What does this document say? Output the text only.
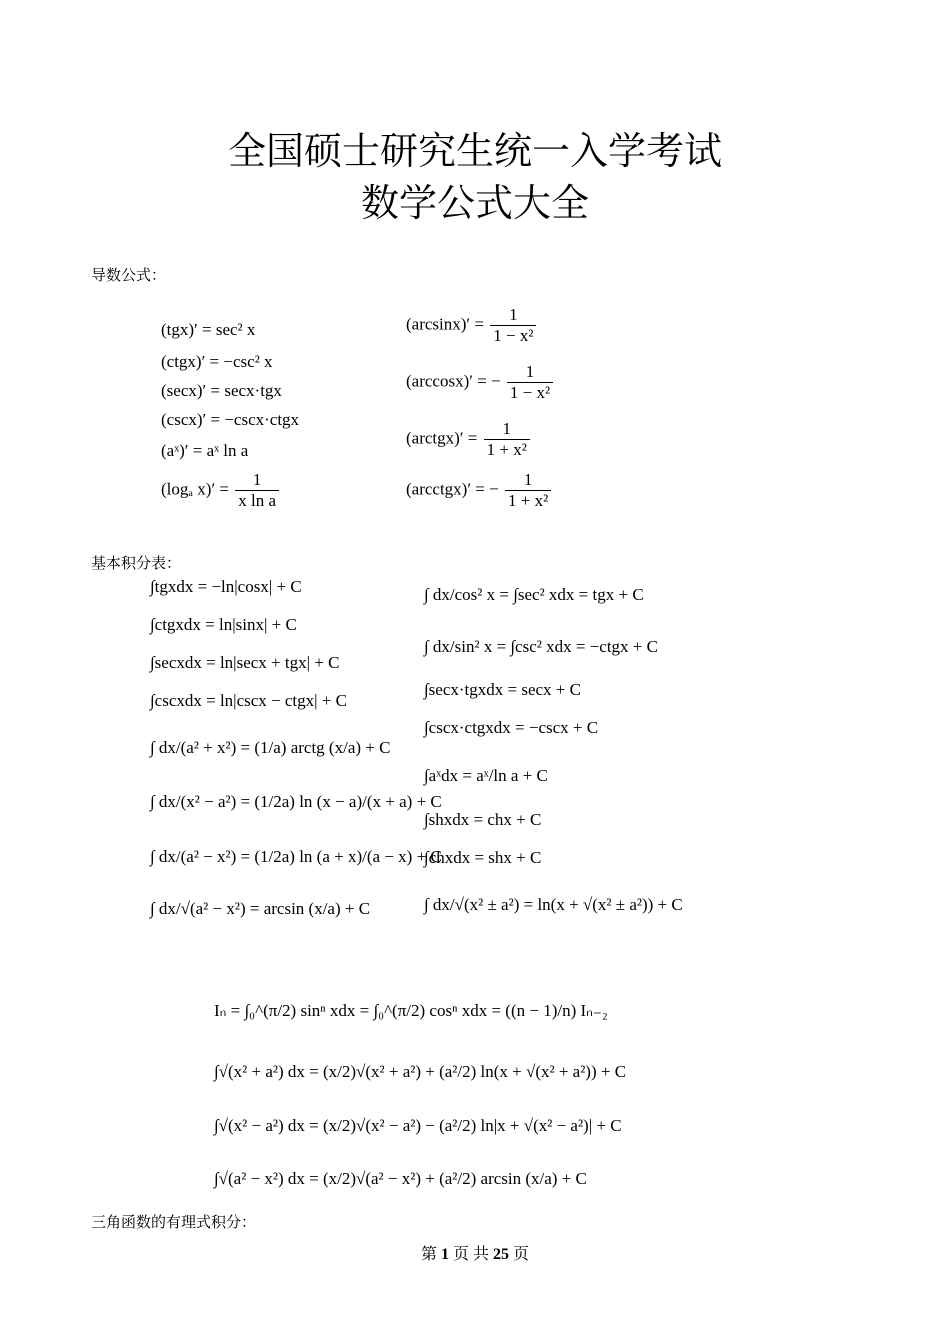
全国硕士研究生统一入学考试
数学公式大全
导数公式：
(tgx)′ = sec² x
(ctgx)′ = −csc² x
(secx)′ = secx·tgx
(cscx)′ = −cscx·ctgx
(aˣ)′ = aˣ ln a
(logₐ $x)' = \frac{1}{\text{x ln a}}$
$(\arcsin x)' = \frac{1}{\text{1 − x²}}$
(arccosx)′ = − $\frac{1}{\text{1 − x²}}$
(arctgx)′ = $\frac{1}{\text{1 + x²}}$
(arcctgx)′ = − $\frac{1}{\text{1 + x²}}$
基本积分表：
∫tgxdx = −ln|cosx| + C
∫ctgxdx = ln|sinx| + C
∫secxdx = ln|secx + tgx| + C
∫cscxdx = ln|cscx − ctgx| + C
∫ dx/(a² + x²) = (1/a) arctg (x/a) + C
∫ dx/(x² − a²) = (1/2a) ln (x − a)/(x + a) + C
∫ dx/(a² − x²) = (1/2a) ln (a + x)/(a − x) + C
∫ dx/√(a² − x²) = arcsin (x/a) + C
∫ dx/cos² x = ∫sec² xdx = tgx + C
∫ dx/sin² x = ∫csc² xdx = −ctgx + C
∫secx·tgxdx = secx + C
∫cscx·ctgxdx = −cscx + C
∫aˣdx = aˣ/ln a + C
∫shxdx = chx + C
∫chxdx = shx + C
∫ dx/√(x² ± a²) = ln(x + √(x² ± a²)) + C
Iₙ = ∫₀^(π/2) sinⁿ xdx = ∫₀^(π/2) cosⁿ xdx = ((n − 1)/n) Iₙ₋₂
∫√(x² + a²) dx = (x/2)√(x² + a²) + (a²/2) ln(x + √(x² + a²)) + C
∫√(x² − a²) dx = (x/2)√(x² − a²) − (a²/2) ln|x + √(x² − a²)| + C
∫√(a² − x²) dx = (x/2)√(a² − x²) + (a²/2) arcsin (x/a) + C
三角函数的有理式积分：
第 1 页 共 25 页
